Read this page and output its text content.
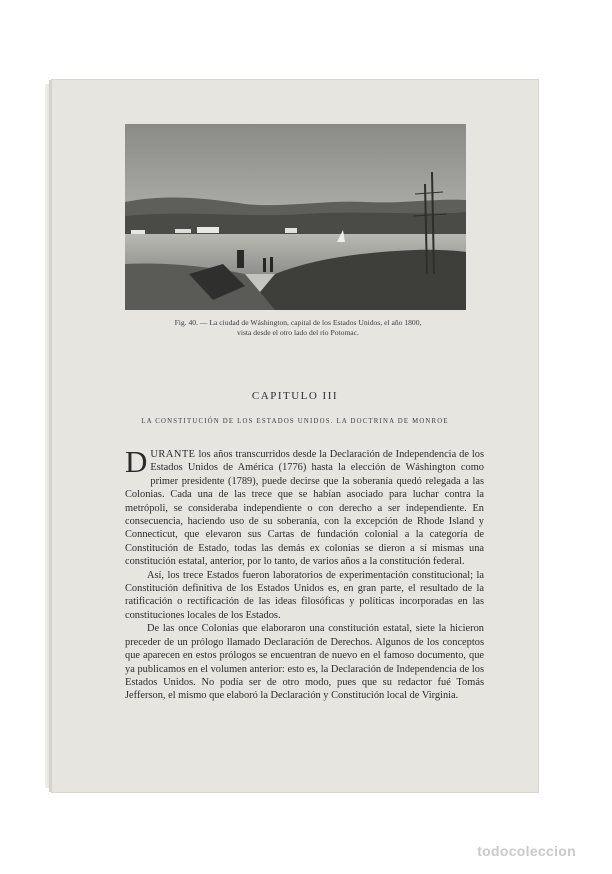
Fig. 40. — La ciudad de Wáshington, capital de los Estados Unidos, el año 1800,
vista desde el otro lado del río Potomac.
CAPITULO III
LA CONSTITUCIÓN DE LOS ESTADOS UNIDOS. LA DOCTRINA DE MONROE

DURANTE los años transcurridos desde la Declaración de Independencia de los Estados Unidos de América (1776) hasta la elección de Wáshington como primer presidente (1789), puede decirse que la soberanía quedó relegada a las Colonias. Cada una de las trece que se habían asociado para luchar contra la metrópoli, se consideraba independiente o con derecho a ser independiente. En consecuencia, haciendo uso de su soberanía, con la excepción de Rhode Island y Connecticut, que elevaron sus Cartas de fundación colonial a la categoría de Constitución de Estado, todas las demás ex colonias se dieron a sí mismas una constitución estatal, anterior, por lo tanto, de varios años a la constitución federal.

Así, los trece Estados fueron laboratorios de experimentación constitucional; la Constitución definitiva de los Estados Unidos es, en gran parte, el resultado de la ratificación o rectificación de las ideas filosóficas y políticas incorporadas en las constituciones locales de los Estados.

De las once Colonias que elaboraron una constitución estatal, siete la hicieron preceder de un prólogo llamado Declaración de Derechos. Algunos de los conceptos que aparecen en estos prólogos se encuentran de nuevo en el famoso documento, que ya publicamos en el volumen anterior: esto es, la Declaración de Independencia de los Estados Unidos. No podía ser de otro modo, pues que su redactor fué Tomás Jefferson, el mismo que elaboró la Declaración y Constitución local de Virginia.

todocoleccion
